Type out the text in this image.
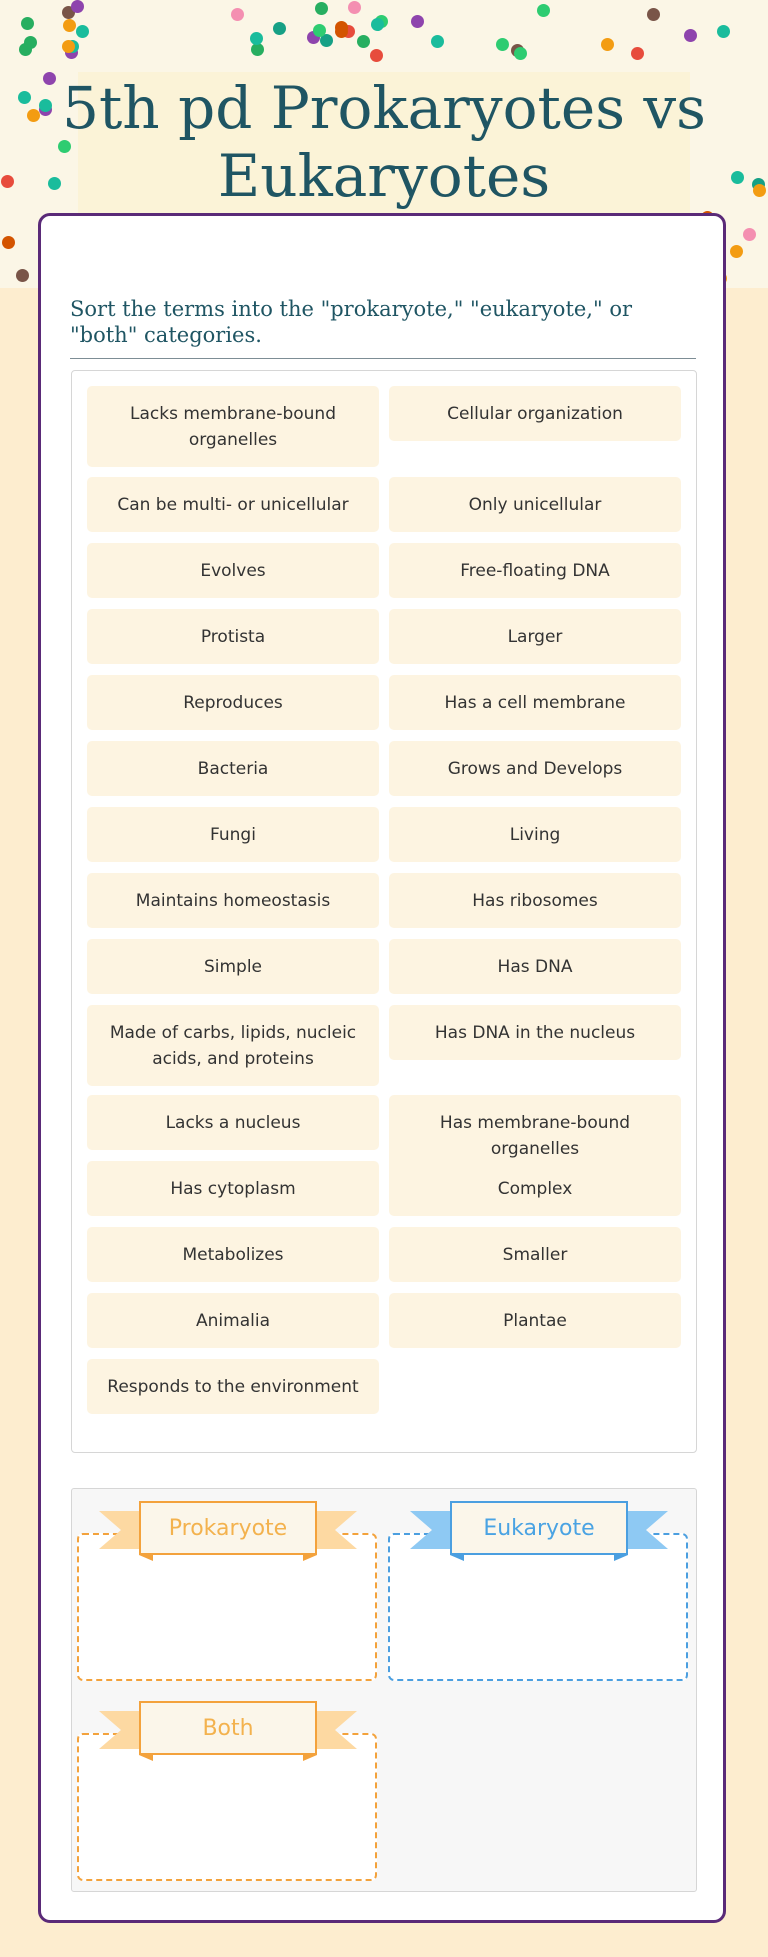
5th pd Prokaryotes vs Eukaryotes
Sort the terms into the "prokaryote," "eukaryote," or "both" categories.
Lacks membrane-bound organelles
Cellular organization
Can be multi- or unicellular	Only unicellular
Evolves	Free-floating DNA
Protista	Larger
Reproduces	Has a cell membrane
Bacteria	Grows and Develops
Fungi	Living
Maintains homeostasis	Has ribosomes
Simple	Has DNA
Made of carbs, lipids, nucleic acids, and proteins
Has DNA in the nucleus
Lacks a nucleus	Has membrane-bound organelles
Has cytoplasm	Complex
Metabolizes	Smaller
Animalia	Plantae
Responds to the environment
Prokaryote	Eukaryote
Both
